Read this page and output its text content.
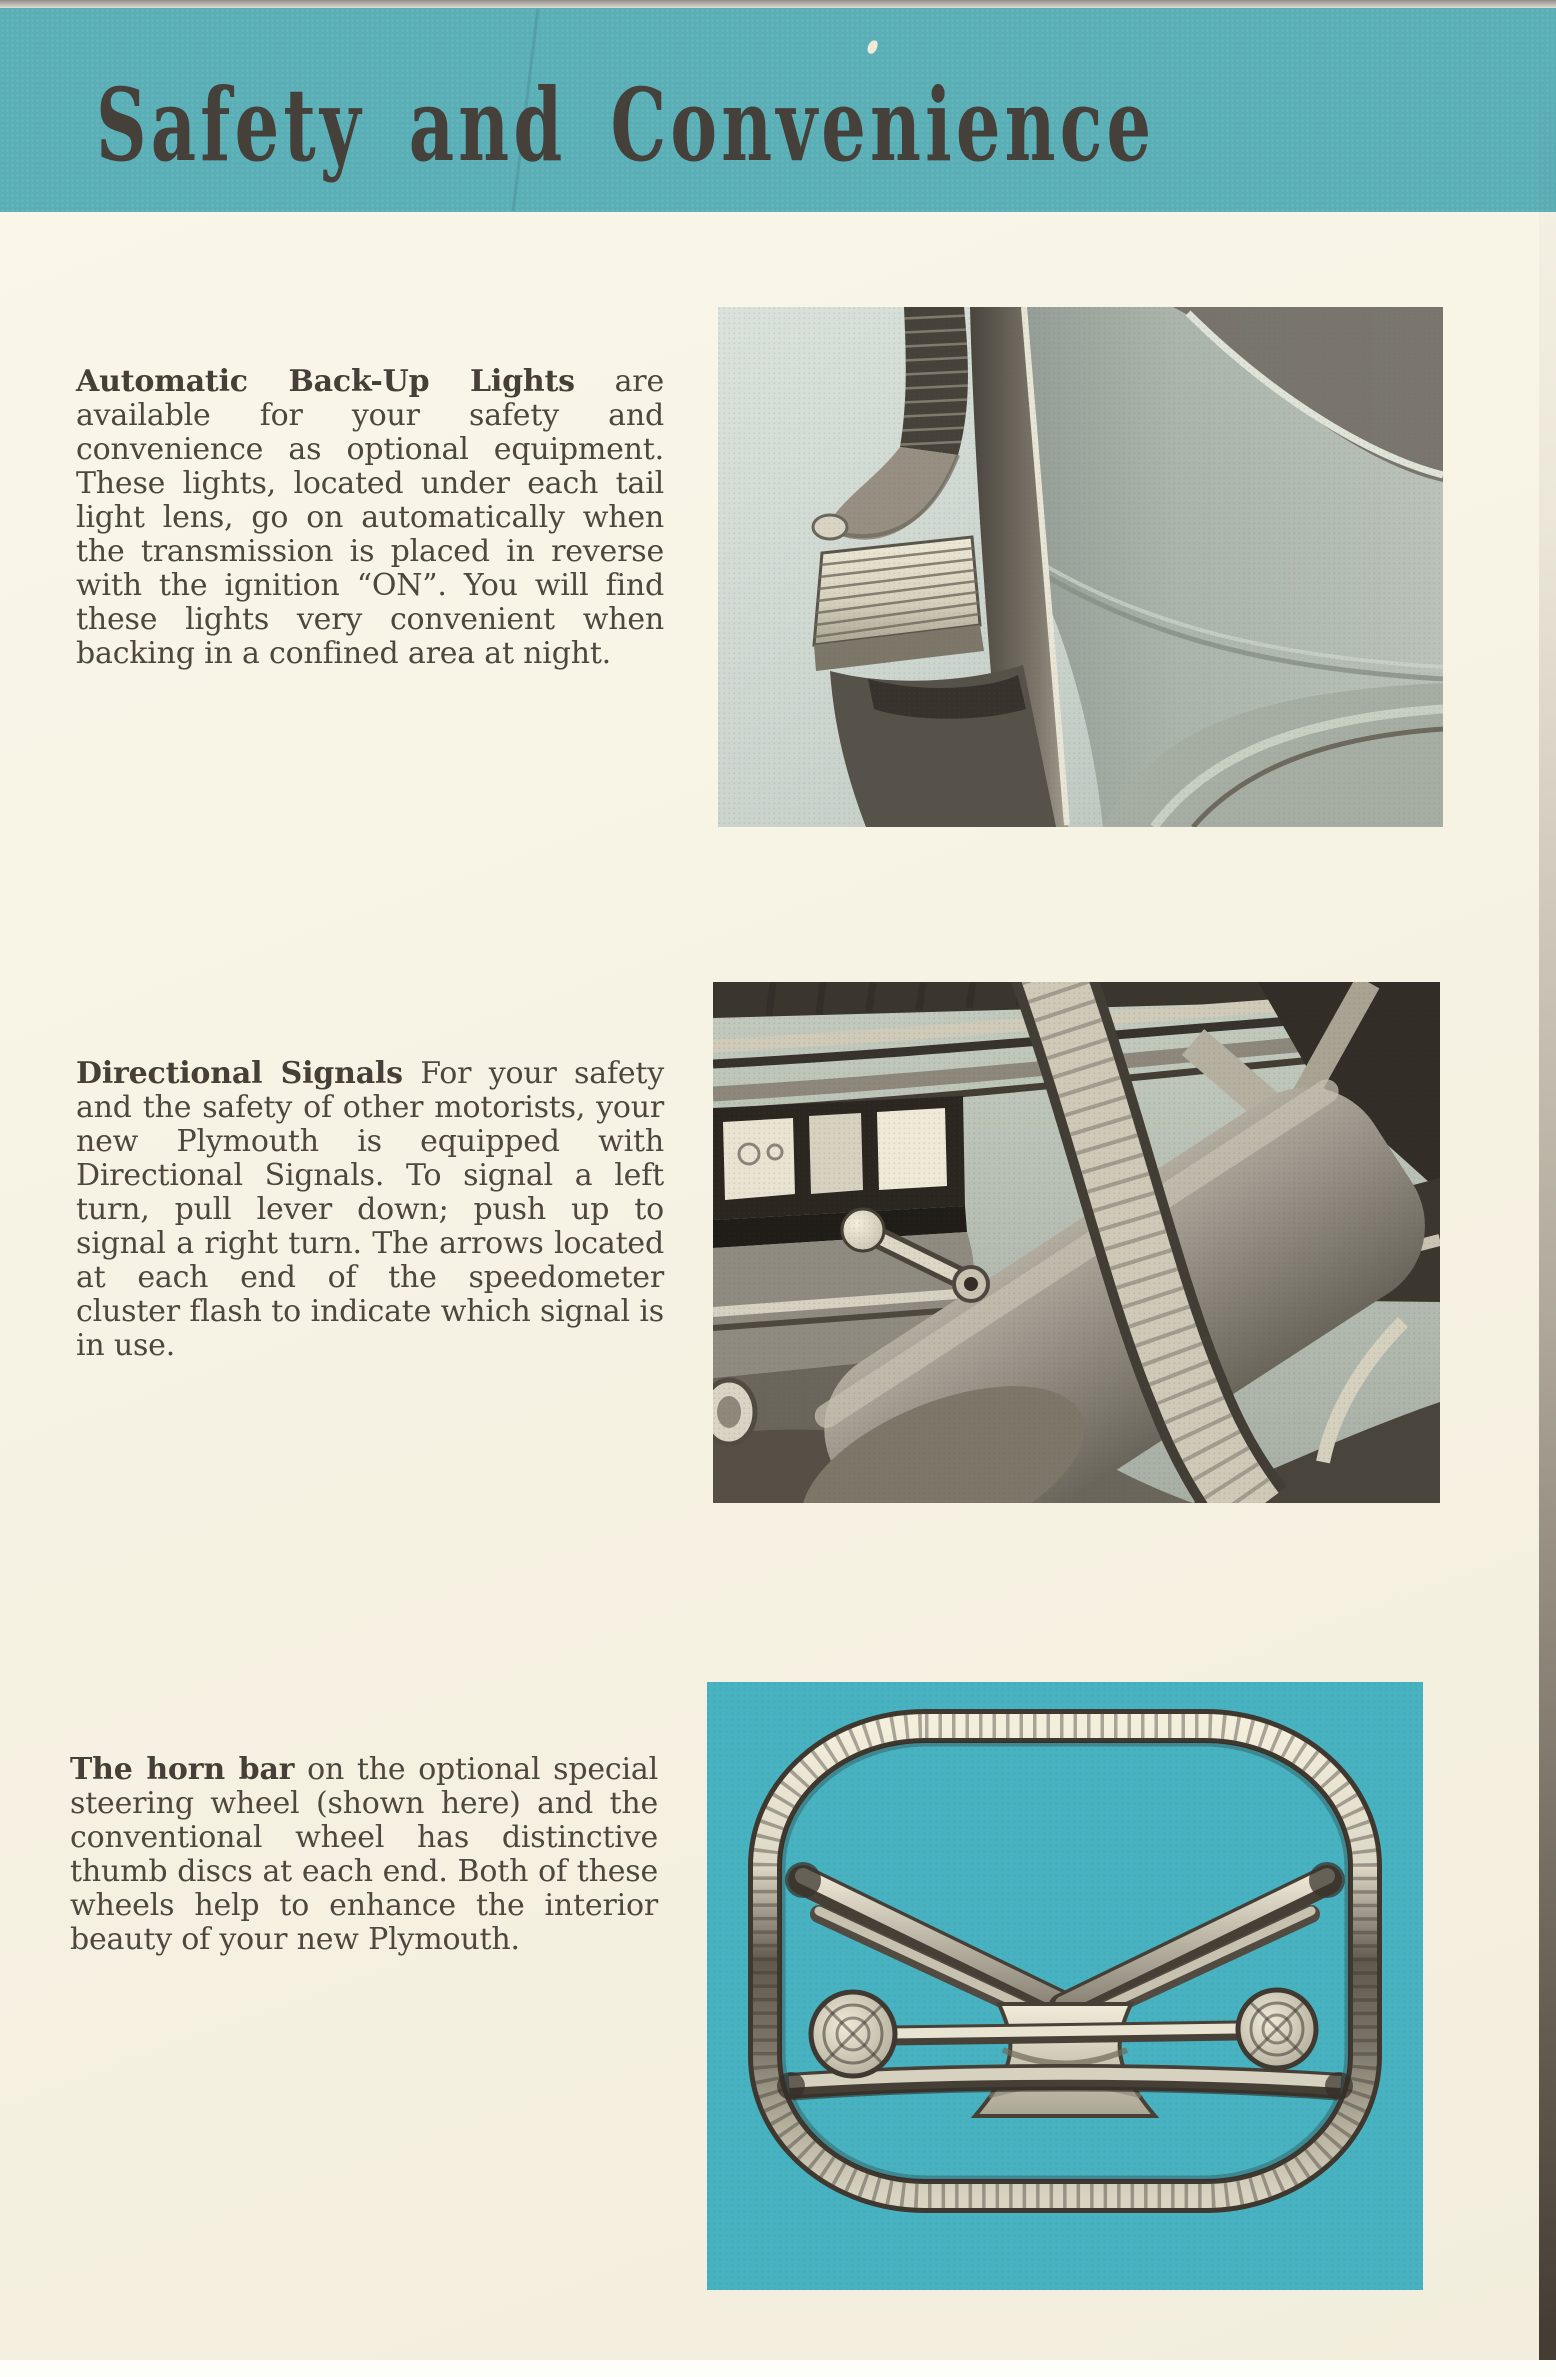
Safety and Convenience

Automatic Back-Up Lights are available for your safety and convenience as optional equipment. These lights, located under each tail light lens, go on automatically when the transmission is placed in reverse with the ignition “ON”. You will find these lights very convenient when backing in a confined area at night.

Directional Signals For your safety and the safety of other motorists, your new Plymouth is equipped with Directional Signals. To signal a left turn, pull lever down; push up to signal a right turn. The arrows located at each end of the speedometer cluster flash to indicate which signal is in use.

The horn bar on the optional special steering wheel (shown here) and the conventional wheel has distinctive thumb discs at each end. Both of these wheels help to enhance the interior beauty of your new Plymouth.
